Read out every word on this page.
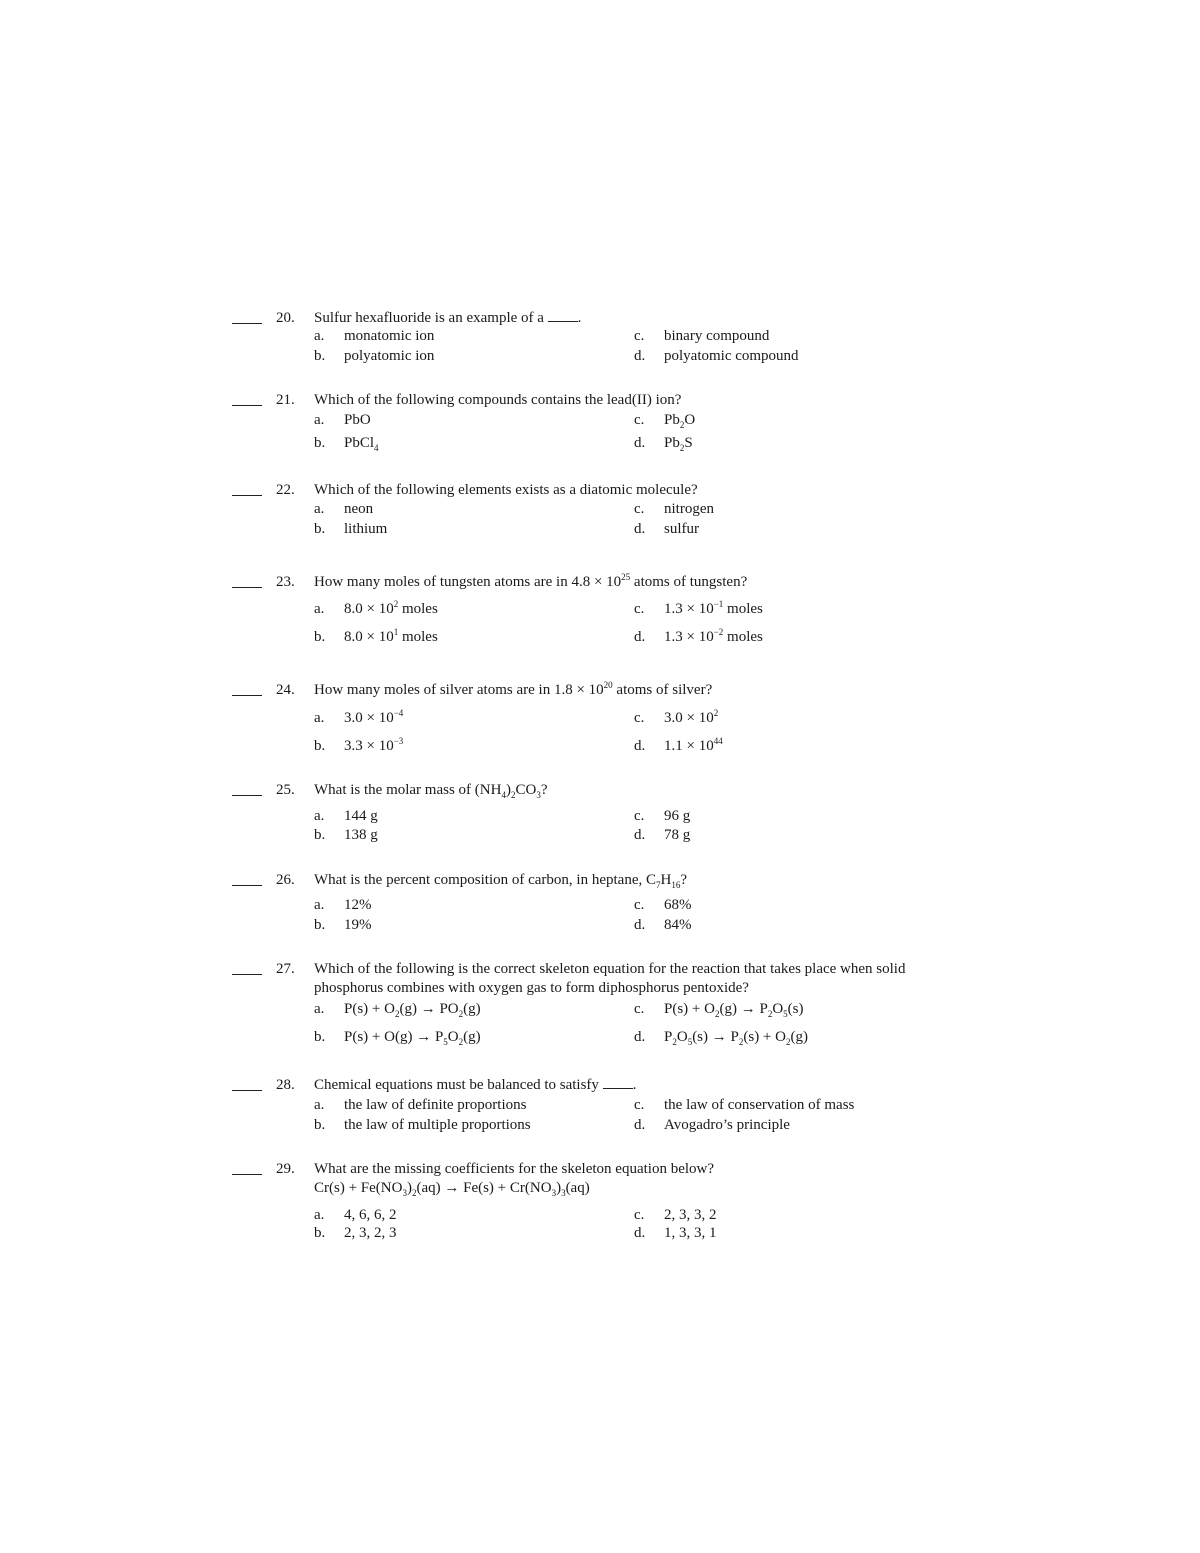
20.	Sulfur hexafluoride is an example of a .
a. monatomic ion
b. polyatomic ion
c. binary compound
d. polyatomic compound
21.	Which of the following compounds contains the lead(II) ion?
a. PbO
b. PbCl$_4$
c. $Pb_2O$
d. $Pb_2S$
22.	Which of the following elements exists as a diatomic molecule?
a. neon
b. lithium
c. nitrogen
d. sulfur
23.	How many moles of tungsten atoms are in $4.8 \times 10^{25}$ atoms of tungsten?
a. $8.0 \times 10^2$ moles
b. $8.0 \times 10^1$ moles
c. $1.3 \times 10^{-1}$ moles
d. $1.3 \times 10^{-2}$ moles
24.	How many moles of silver atoms are in $1.8 \times 10^{20}$ atoms of silver?
a. $3.0 \times 10^{-4}$
b. $3.3 \times 10^{-3}$
c. $3.0 \times 10^2$
d. $1.1 \times 10^{44}$
25.	What is the molar mass of $(NH_4)_2CO_3$?
a. 144 g
b. 138 g
c. 96 g
d. 78 g
26.	What is the percent composition of carbon, in heptane, $C_7H_{16}$?
a. 12%
b. 19%
c. 68%
d. 84%
27.	Which of the following is the correct skeleton equation for the reaction that takes place when solid
phosphorus combines with oxygen gas to form diphosphorus pentoxide?
a. $P(s) + O_2(g) \to PO_2(g)$
b. $P(s) + O(g) \to P_5O_2(g)$
c. $P(s) + O_2(g) \to P_2O_5(s)$
d. $P_2O_5(s) \to P_2(s) + O_2(g)$
28.	Chemical equations must be balanced to satisfy .
a. the law of definite proportions
b. the law of multiple proportions
c. the law of conservation of mass
d. Avogadro’s principle
29.	What are the missing coefficients for the skeleton equation below?
$Cr(s) + Fe(NO_3)_2(aq) \to Fe(s) + Cr(NO_3)_3(aq)$
a. 4, 6, 6, 2
b. 2, 3, 2, 3
c. 2, 3, 3, 2
d. 1, 3, 3, 1
